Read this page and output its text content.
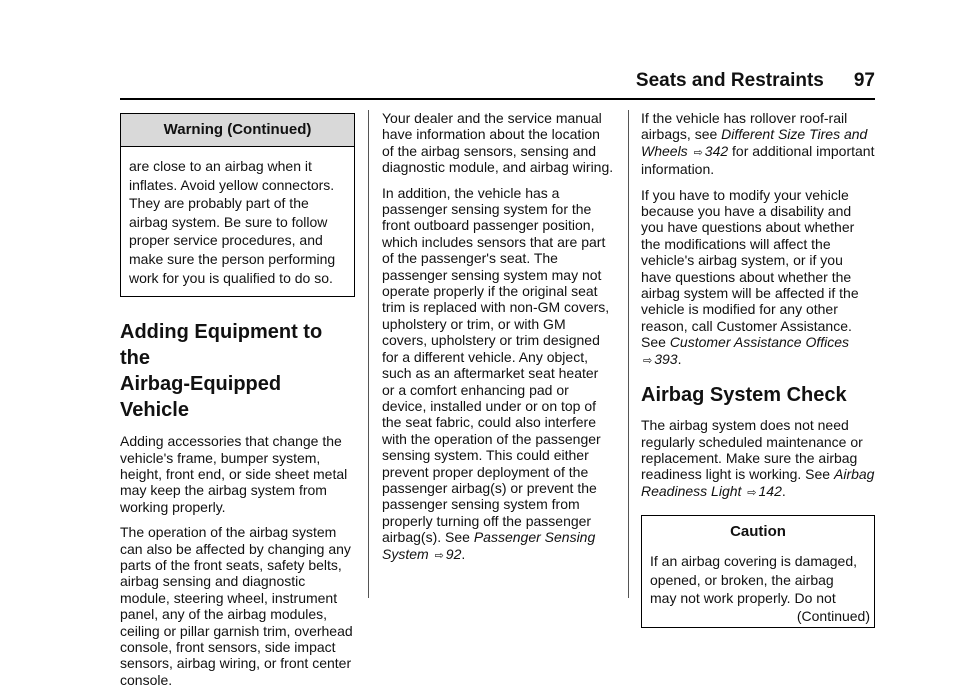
Seats and Restraints 97
Warning (Continued)
are close to an airbag when it
inflates. Avoid yellow connectors.
They are probably part of the
airbag system. Be sure to follow
proper service procedures, and
make sure the person performing
work for you is qualified to do so.
Adding Equipment to the
Airbag-Equipped Vehicle

Adding accessories that change the vehicle's frame, bumper system, height, front end, or side sheet metal may keep the airbag system from working properly.

The operation of the airbag system can also be affected by changing any parts of the front seats, safety belts, airbag sensing and diagnostic module, steering wheel, instrument panel, any of the airbag modules, ceiling or pillar garnish trim, overhead console, front sensors, side impact sensors, airbag wiring, or front center console.

Your dealer and the service manual have information about the location of the airbag sensors, sensing and diagnostic module, and airbag wiring.

In addition, the vehicle has a passenger sensing system for the front outboard passenger position, which includes sensors that are part of the passenger's seat. The passenger sensing system may not operate properly if the original seat trim is replaced with non-GM covers, upholstery or trim, or with GM covers, upholstery or trim designed for a different vehicle. Any object, such as an aftermarket seat heater or a comfort enhancing pad or device, installed under or on top of the seat fabric, could also interfere with the operation of the passenger sensing system. This could either prevent proper deployment of the passenger airbag(s) or prevent the passenger sensing system from properly turning off the passenger airbag(s). See Passenger Sensing System ⇨ 92.

If the vehicle has rollover roof-rail airbags, see Different Size Tires and Wheels ⇨ 342 for additional important information.

If you have to modify your vehicle because you have a disability and you have questions about whether the modifications will affect the vehicle's airbag system, or if you have questions about whether the airbag system will be affected if the vehicle is modified for any other reason, call Customer Assistance. See Customer Assistance Offices ⇨ 393.

Airbag System Check

The airbag system does not need regularly scheduled maintenance or replacement. Make sure the airbag readiness light is working. See Airbag Readiness Light ⇨ 142.

Caution
If an airbag covering is damaged,
opened, or broken, the airbag
may not work properly. Do not
(Continued)
